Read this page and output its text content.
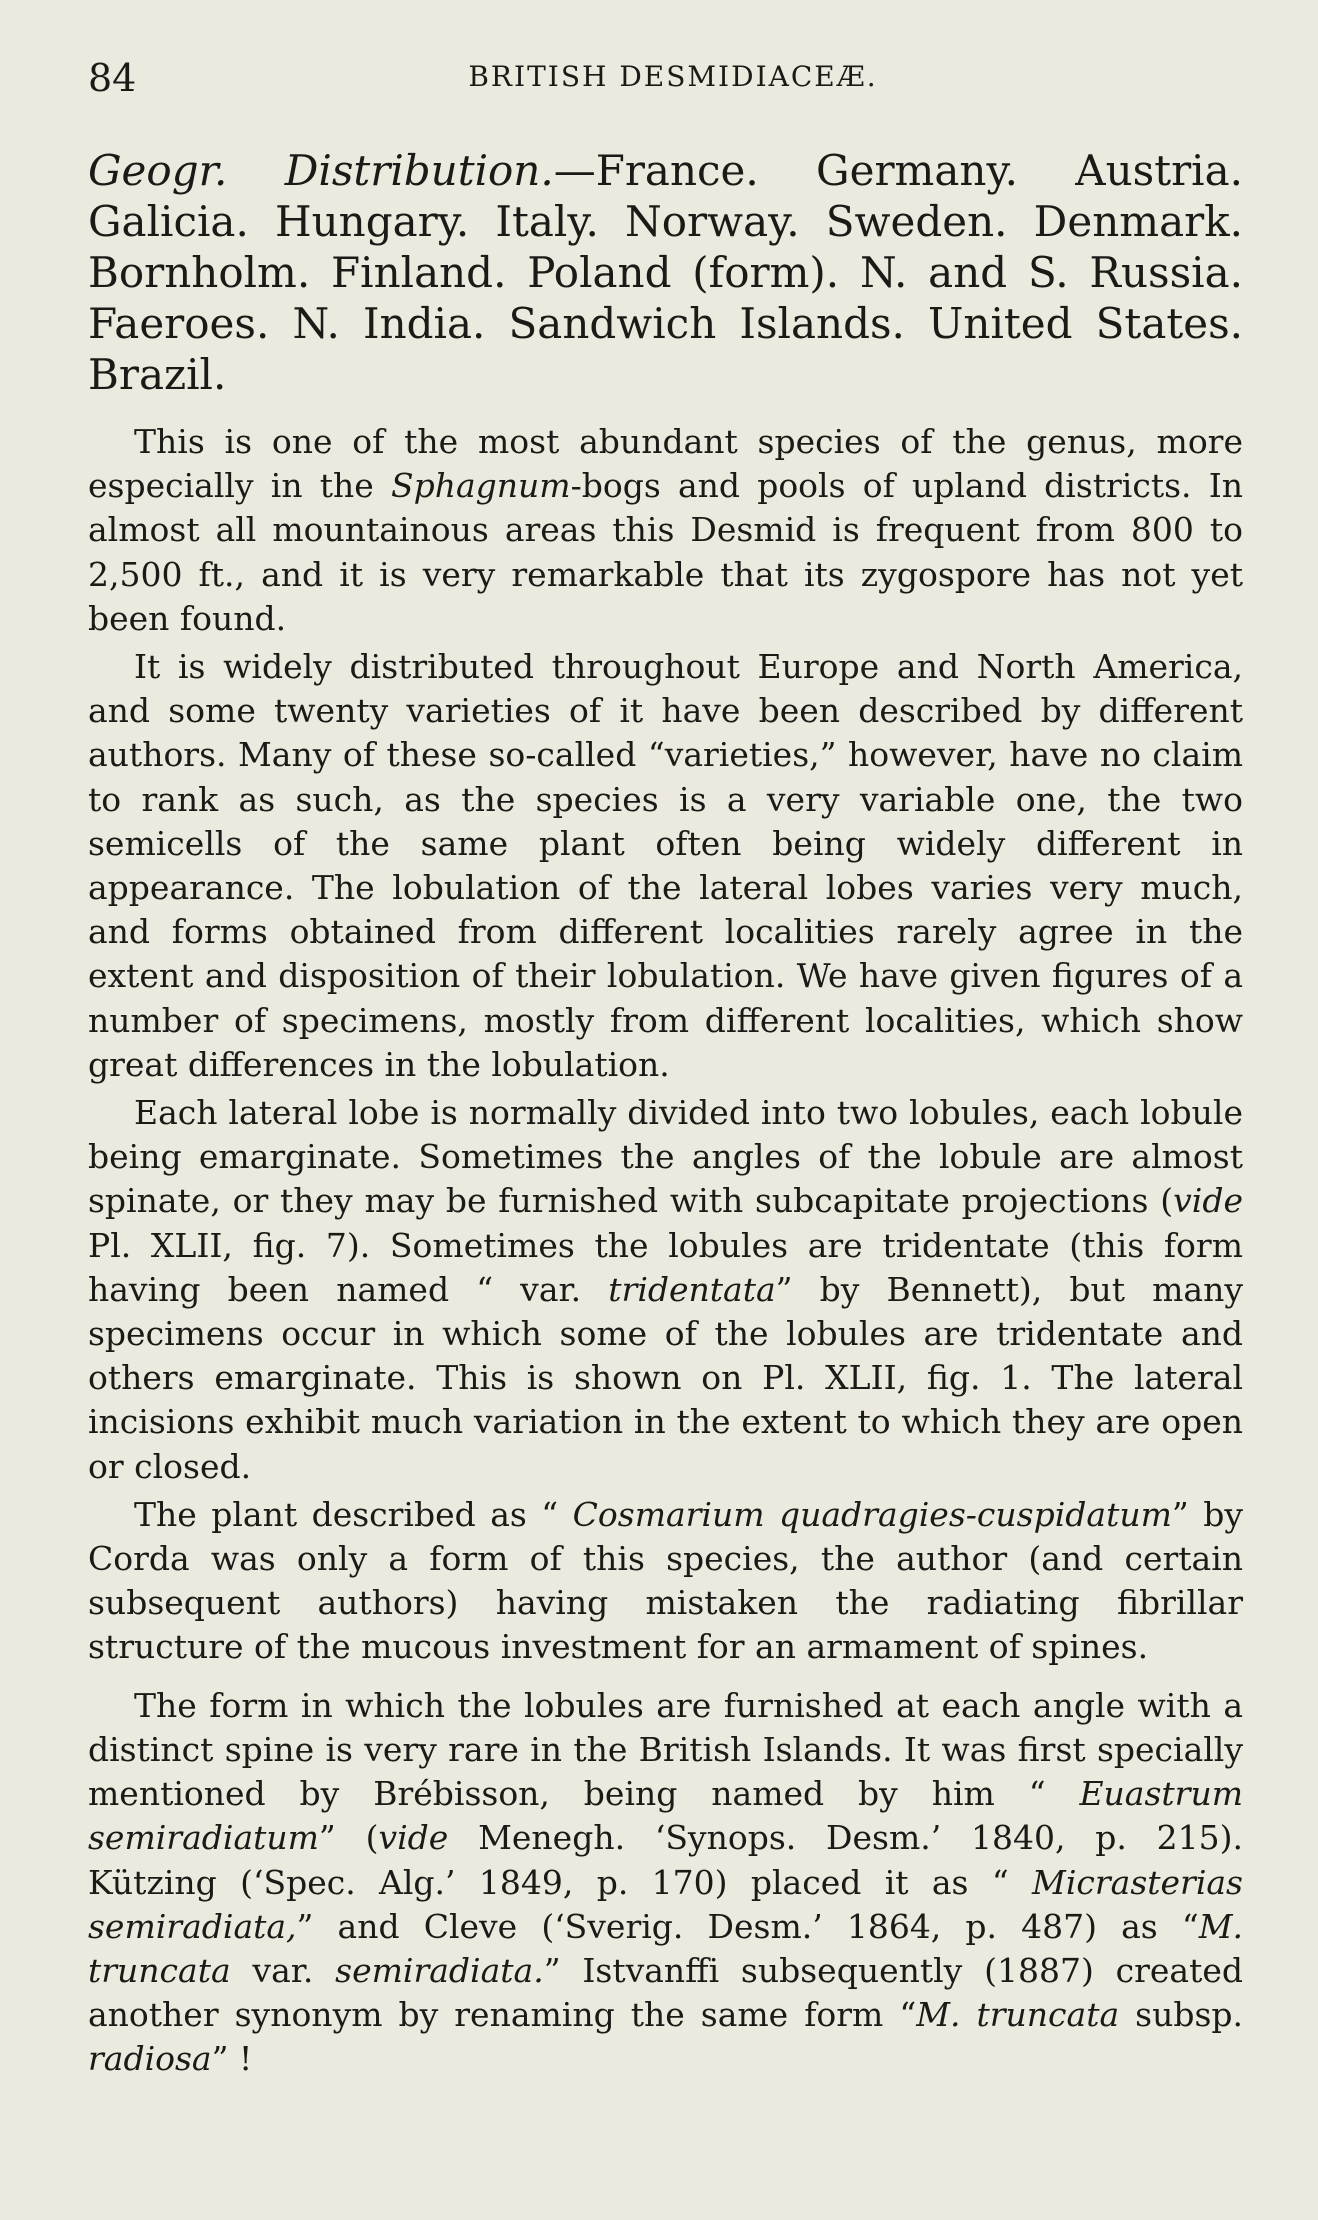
84	BRITISH DESMIDIACEÆ.
Geogr. Distribution.—France. Germany. Austria. Galicia. Hungary. Italy. Norway. Sweden. Denmark. Bornholm. Finland. Poland (form). N. and S. Russia. Faeroes. N. India. Sandwich Islands. United States. Brazil.

This is one of the most abundant species of the genus, more especially in the Sphagnum-bogs and pools of upland districts. In almost all mountainous areas this Desmid is frequent from 800 to 2,500 ft., and it is very remarkable that its zygospore has not yet been found.

It is widely distributed throughout Europe and North America, and some twenty varieties of it have been described by different authors. Many of these so-called “varieties,” however, have no claim to rank as such, as the species is a very variable one, the two semicells of the same plant often being widely different in appearance. The lobulation of the lateral lobes varies very much, and forms obtained from different localities rarely agree in the extent and disposition of their lobulation. We have given figures of a number of specimens, mostly from different localities, which show great differences in the lobulation.

Each lateral lobe is normally divided into two lobules, each lobule being emarginate. Sometimes the angles of the lobule are almost spinate, or they may be furnished with subcapitate projections (vide Pl. XLII, fig. 7). Sometimes the lobules are tridentate (this form having been named “ var. tridentata” by Bennett), but many specimens occur in which some of the lobules are tridentate and others emarginate. This is shown on Pl. XLII, fig. 1. The lateral incisions exhibit much variation in the extent to which they are open or closed.

The plant described as “ Cosmarium quadragies-cuspidatum” by Corda was only a form of this species, the author (and certain subsequent authors) having mistaken the radiating fibrillar structure of the mucous investment for an armament of spines.

The form in which the lobules are furnished at each angle with a distinct spine is very rare in the British Islands. It was first specially mentioned by Brébisson, being named by him “ Euastrum semiradiatum” (vide Menegh. ‘Synops. Desm.’ 1840, p. 215). Kützing (‘Spec. Alg.’ 1849, p. 170) placed it as “ Micrasterias semiradiata,” and Cleve (‘Sverig. Desm.’ 1864, p. 487) as “M. truncata var. semiradiata.” Istvanffi subsequently (1887) created another synonym by renaming the same form “M. truncata subsp. radiosa” !
